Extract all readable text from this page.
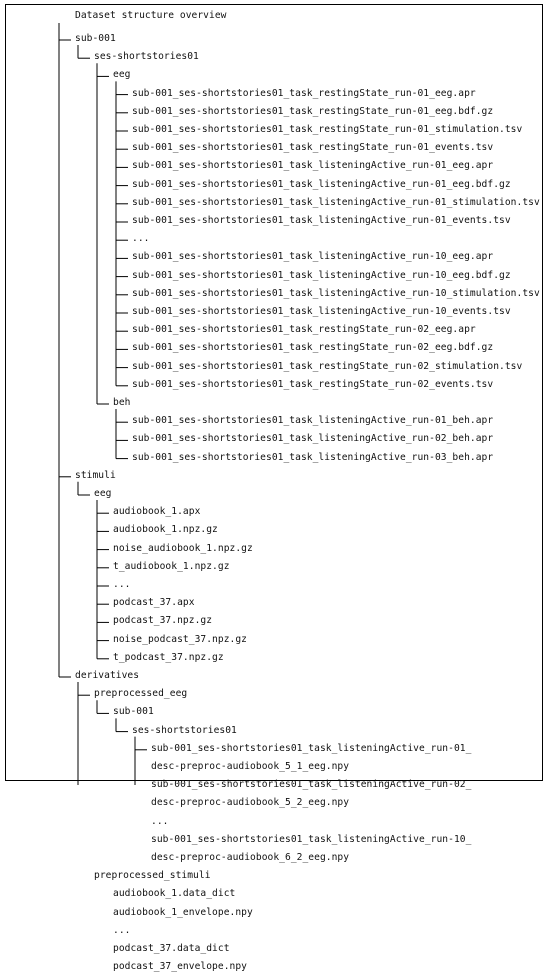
Dataset structure overview
sub-001
ses-shortstories01
eeg
sub-001_ses-shortstories01_task_restingState_run-01_eeg.apr
sub-001_ses-shortstories01_task_restingState_run-01_eeg.bdf.gz
sub-001_ses-shortstories01_task_restingState_run-01_stimulation.tsv
sub-001_ses-shortstories01_task_restingState_run-01_events.tsv
sub-001_ses-shortstories01_task_listeningActive_run-01_eeg.apr
sub-001_ses-shortstories01_task_listeningActive_run-01_eeg.bdf.gz
sub-001_ses-shortstories01_task_listeningActive_run-01_stimulation.tsv
sub-001_ses-shortstories01_task_listeningActive_run-01_events.tsv
...
sub-001_ses-shortstories01_task_listeningActive_run-10_eeg.apr
sub-001_ses-shortstories01_task_listeningActive_run-10_eeg.bdf.gz
sub-001_ses-shortstories01_task_listeningActive_run-10_stimulation.tsv
sub-001_ses-shortstories01_task_listeningActive_run-10_events.tsv
sub-001_ses-shortstories01_task_restingState_run-02_eeg.apr
sub-001_ses-shortstories01_task_restingState_run-02_eeg.bdf.gz
sub-001_ses-shortstories01_task_restingState_run-02_stimulation.tsv
sub-001_ses-shortstories01_task_restingState_run-02_events.tsv
beh
sub-001_ses-shortstories01_task_listeningActive_run-01_beh.apr
sub-001_ses-shortstories01_task_listeningActive_run-02_beh.apr
sub-001_ses-shortstories01_task_listeningActive_run-03_beh.apr
stimuli
eeg
audiobook_1.apx
audiobook_1.npz.gz
noise_audiobook_1.npz.gz
t_audiobook_1.npz.gz
...
podcast_37.apx
podcast_37.npz.gz
noise_podcast_37.npz.gz
t_podcast_37.npz.gz
derivatives
preprocessed_eeg
sub-001
ses-shortstories01
sub-001_ses-shortstories01_task_listeningActive_run-01_
desc-preproc-audiobook_5_1_eeg.npy
sub-001_ses-shortstories01_task_listeningActive_run-02_
desc-preproc-audiobook_5_2_eeg.npy
...
sub-001_ses-shortstories01_task_listeningActive_run-10_
desc-preproc-audiobook_6_2_eeg.npy
preprocessed_stimuli
audiobook_1.data_dict
audiobook_1_envelope.npy
...
podcast_37.data_dict
podcast_37_envelope.npy
